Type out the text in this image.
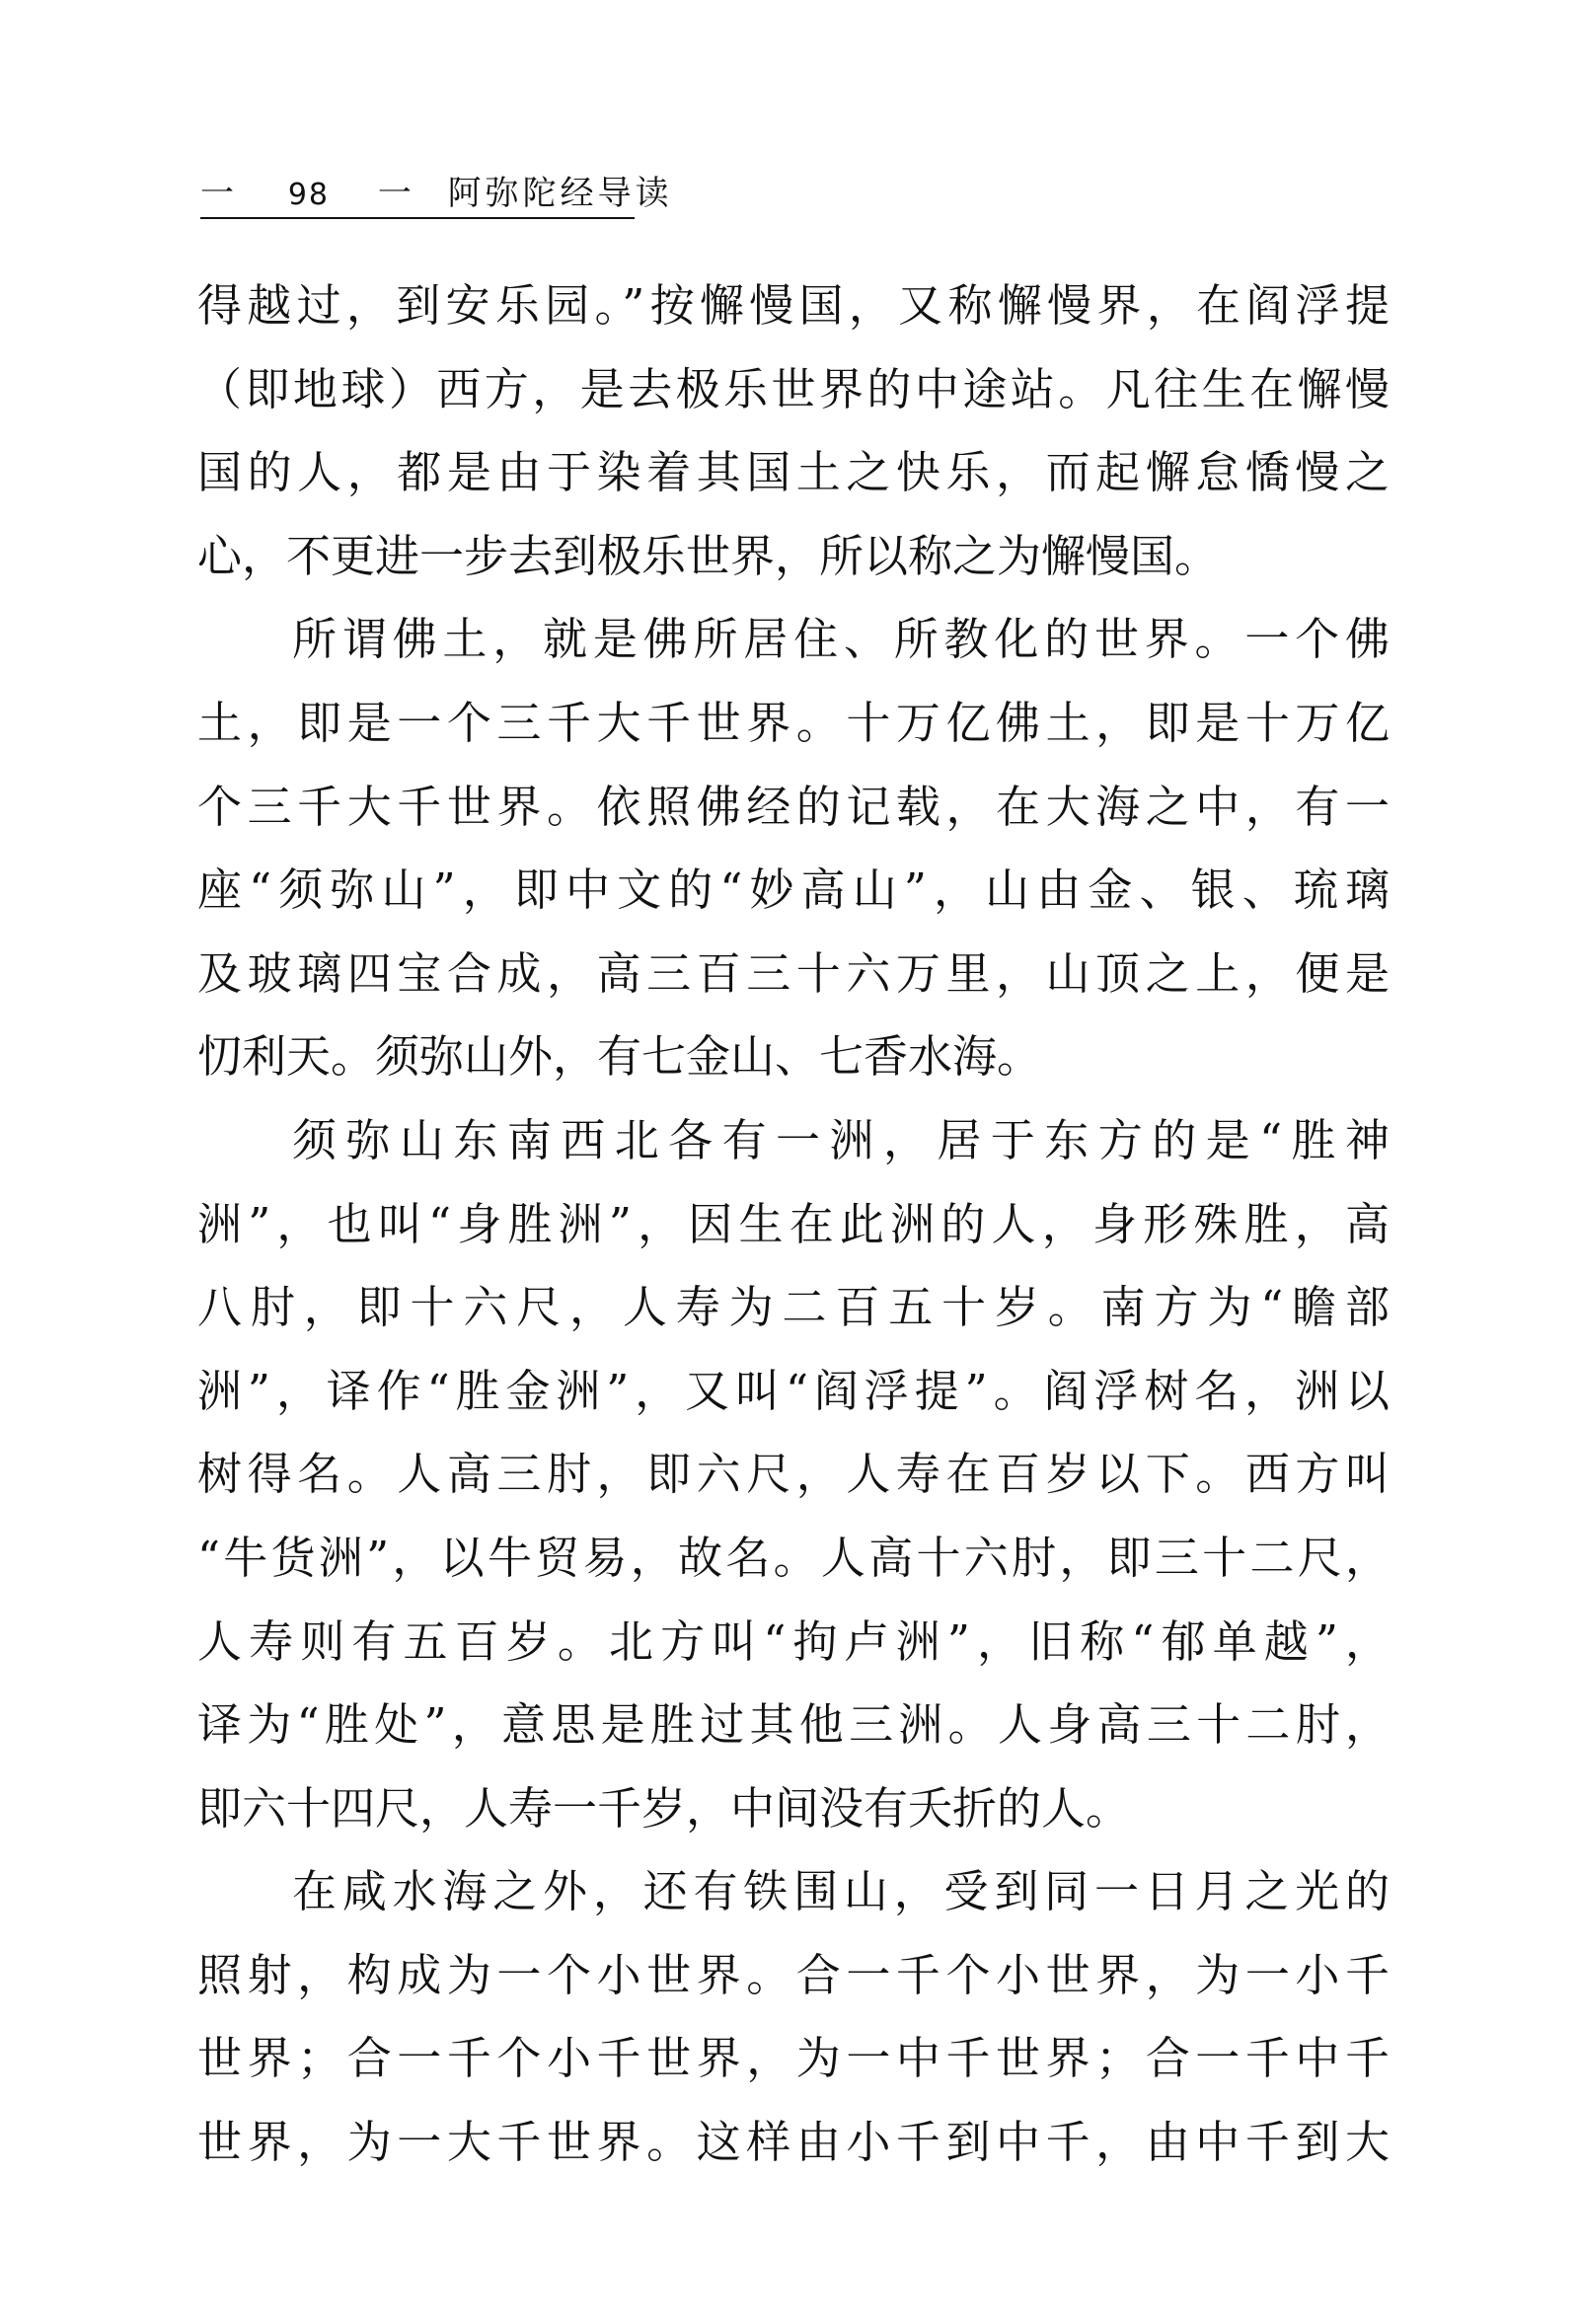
一 98 一 阿弥陀经导读
得越过，到安乐园。”按懈慢国，又称懈慢界，在阎浮提
（即地球）西方，是去极乐世界的中途站。凡往生在懈慢
国的人，都是由于染着其国土之快乐，而起懈怠憍慢之
心，不更进一步去到极乐世界，所以称之为懈慢国。
所谓佛土，就是佛所居住、所教化的世界。一个佛
土，即是一个三千大千世界。十万亿佛土，即是十万亿
个三千大千世界。依照佛经的记载，在大海之中，有一
座“须弥山”，即中文的“妙高山”，山由金、银、琉璃
及玻璃四宝合成，高三百三十六万里，山顶之上，便是
忉利天。须弥山外，有七金山、七香水海。
须弥山东南西北各有一洲，居于东方的是“胜神
洲”，也叫“身胜洲”，因生在此洲的人，身形殊胜，高
八肘，即十六尺，人寿为二百五十岁。南方为“瞻部
洲”，译作“胜金洲”，又叫“阎浮提”。阎浮树名，洲以
树得名。人高三肘，即六尺，人寿在百岁以下。西方叫
“牛货洲”，以牛贸易，故名。人高十六肘，即三十二尺，
人寿则有五百岁。北方叫“拘卢洲”，旧称“郁单越”，
译为“胜处”，意思是胜过其他三洲。人身高三十二肘，
即六十四尺，人寿一千岁，中间没有夭折的人。
在咸水海之外，还有铁围山，受到同一日月之光的
照射，构成为一个小世界。合一千个小世界，为一小千
世界；合一千个小千世界，为一中千世界；合一千中千
世界，为一大千世界。这样由小千到中千，由中千到大
